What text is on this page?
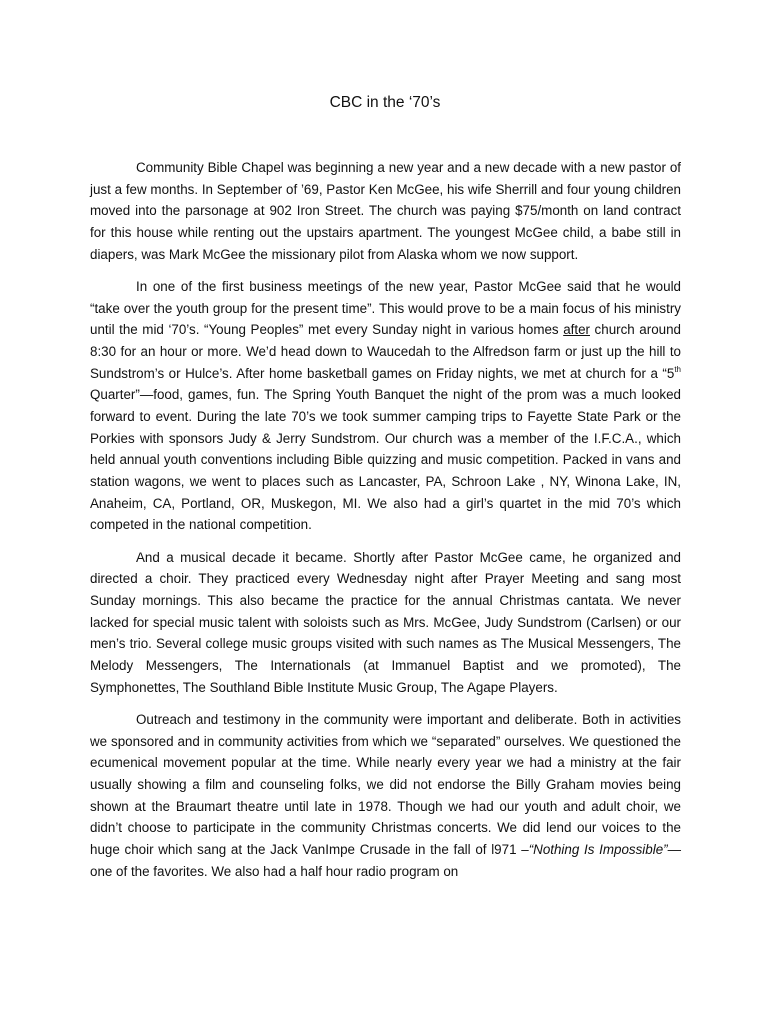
CBC in the ‘70’s

Community Bible Chapel was beginning a new year and a new decade with a new pastor of just a few months. In September of ’69, Pastor Ken McGee, his wife Sherrill and four young children moved into the parsonage at 902 Iron Street. The church was paying $75/month on land contract for this house while renting out the upstairs apartment. The youngest McGee child, a babe still in diapers, was Mark McGee the missionary pilot from Alaska whom we now support.

In one of the first business meetings of the new year, Pastor McGee said that he would “take over the youth group for the present time”. This would prove to be a main focus of his ministry until the mid ‘70’s. “Young Peoples” met every Sunday night in various homes after church around 8:30 for an hour or more. We’d head down to Waucedah to the Alfredson farm or just up the hill to Sundstrom’s or Hulce’s. After home basketball games on Friday nights, we met at church for a “5th Quarter”—food, games, fun. The Spring Youth Banquet the night of the prom was a much looked forward to event. During the late 70’s we took summer camping trips to Fayette State Park or the Porkies with sponsors Judy & Jerry Sundstrom. Our church was a member of the I.F.C.A., which held annual youth conventions including Bible quizzing and music competition. Packed in vans and station wagons, we went to places such as Lancaster, PA, Schroon Lake , NY, Winona Lake, IN, Anaheim, CA, Portland, OR, Muskegon, MI. We also had a girl’s quartet in the mid 70’s which competed in the national competition.

And a musical decade it became. Shortly after Pastor McGee came, he organized and directed a choir. They practiced every Wednesday night after Prayer Meeting and sang most Sunday mornings. This also became the practice for the annual Christmas cantata. We never lacked for special music talent with soloists such as Mrs. McGee, Judy Sundstrom (Carlsen) or our men’s trio. Several college music groups visited with such names as The Musical Messengers, The Melody Messengers, The Internationals (at Immanuel Baptist and we promoted), The Symphonettes, The Southland Bible Institute Music Group, The Agape Players.

Outreach and testimony in the community were important and deliberate. Both in activities we sponsored and in community activities from which we “separated” ourselves. We questioned the ecumenical movement popular at the time. While nearly every year we had a ministry at the fair usually showing a film and counseling folks, we did not endorse the Billy Graham movies being shown at the Braumart theatre until late in 1978. Though we had our youth and adult choir, we didn’t choose to participate in the community Christmas concerts. We did lend our voices to the huge choir which sang at the Jack VanImpe Crusade in the fall of l971 –“Nothing Is Impossible”—one of the favorites. We also had a half hour radio program on
